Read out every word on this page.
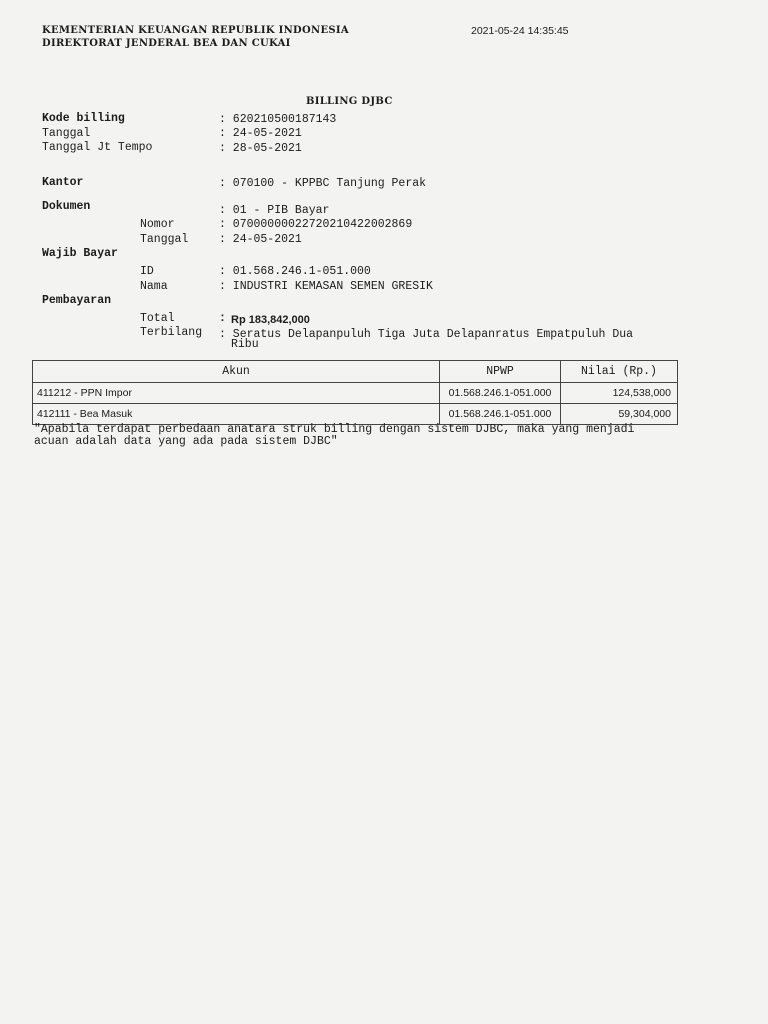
KEMENTERIAN KEUANGAN REPUBLIK INDONESIA
DIREKTORAT JENDERAL BEA DAN CUKAI
2021-05-24 14:35:45
BILLING DJBC
Kode billing	: 620210500187143
Tanggal	: 24-05-2021
Tanggal Jt Tempo	: 28-05-2021
Kantor	: 070100 - KPPBC Tanjung Perak
Dokumen	: 01 - PIB Bayar
Nomor	: 070000000227202104220028​69
Tanggal	: 24-05-2021
Wajib Bayar
ID	: 01.568.246.1-051.000
Nama	: INDUSTRI KEMASAN SEMEN GRESIK
Pembayaran
Total	: Rp 183,842,000
Terbilang : Seratus Delapanpuluh Tiga Juta Delapanratus Empatpuluh Dua
Ribu
Akun	NPWP	Nilai (Rp.)
411212 - PPN Impor	01.568.246.1-051.000	124,538,000
412111 - Bea Masuk	01.568.246.1-051.000	59,304,000
"Apabila terdapat perbedaan anatara struk billing dengan sistem DJBC, maka yang menjadi
acuan adalah data yang ada pada sistem DJBC"
